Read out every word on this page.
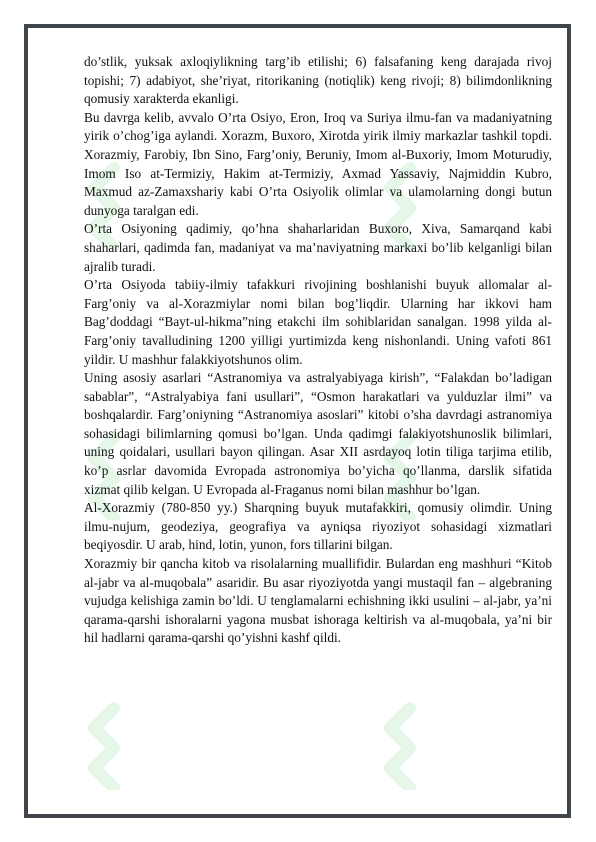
do’stlik, yuksak axloqiylikning targ’ib etilishi; 6) falsafaning keng darajada rivoj topishi; 7) adabiyot, she’riyat, ritorikaning (notiqlik) keng rivoji; 8) bilimdonlikning qomusiy xarakterda ekanligi.

Bu davrga kelib, avvalo O’rta Osiyo, Eron, Iroq va Suriya ilmu-fan va madaniyatning yirik o’chog’iga aylandi. Xorazm, Buxoro, Xirotda yirik ilmiy markazlar tashkil topdi. Xorazmiy, Farobiy, Ibn Sino, Farg’oniy, Beruniy, Imom al-Buxoriy, Imom Moturudiy, Imom Iso at-Termiziy, Hakim at-Termiziy, Axmad Yassaviy, Najmiddin Kubro, Maxmud az-Zamaxshariy kabi O’rta Osiyolik olimlar va ulamolarning dongi butun dunyoga taralgan edi.

O’rta Osiyoning qadimiy, qo’hna shaharlaridan Buxoro, Xiva, Samarqand kabi shaharlari, qadimda fan, madaniyat va ma’naviyatning markaxi bo’lib kelganligi bilan ajralib turadi.

O’rta Osiyoda tabiiy-ilmiy tafakkuri rivojining boshlanishi buyuk allomalar al-Farg’oniy va al-Xorazmiylar nomi bilan bog’liqdir. Ularning har ikkovi ham Bag’doddagi “Bayt-ul-hikma”ning etakchi ilm sohiblaridan sanalgan. 1998 yilda al-Farg’oniy tavalludining 1200 yilligi yurtimizda keng nishonlandi. Uning vafoti 861 yildir. U mashhur falakkiyotshunos olim.

Uning asosiy asarlari “Astranomiya va astralyabiyaga kirish”, “Falakdan bo’ladigan sabablar”, “Astralyabiya fani usullari”, “Osmon harakatlari va yulduzlar ilmi” va boshqalardir. Farg’oniyning “Astranomiya asoslari” kitobi o’sha davrdagi astranomiya sohasidagi bilimlarning qomusi bo’lgan. Unda qadimgi falakiyotshunoslik bilimlari, uning qoidalari, usullari bayon qilingan. Asar XII asrdayoq lotin tiliga tarjima etilib, ko’p asrlar davomida Evropada astronomiya bo’yicha qo’llanma, darslik sifatida xizmat qilib kelgan. U Evropada al-Fraganus nomi bilan mashhur bo’lgan.

Al-Xorazmiy (780-850 yy.) Sharqning buyuk mutafakkiri, qomusiy olimdir. Uning ilmu-nujum, geodeziya, geografiya va ayniqsa riyoziyot sohasidagi xizmatlari beqiyosdir. U arab, hind, lotin, yunon, fors tillarini bilgan.

Xorazmiy bir qancha kitob va risolalarning muallifidir. Bulardan eng mashhuri “Kitob al-jabr va al-muqobala” asaridir. Bu asar riyoziyotda yangi mustaqil fan – algebraning vujudga kelishiga zamin bo’ldi. U tenglamalarni echishning ikki usulini – al-jabr, ya’ni qarama-qarshi ishoralarni yagona musbat ishoraga keltirish va al-muqobala, ya’ni bir hil hadlarni qarama-qarshi qo’yishni kashf qildi.
